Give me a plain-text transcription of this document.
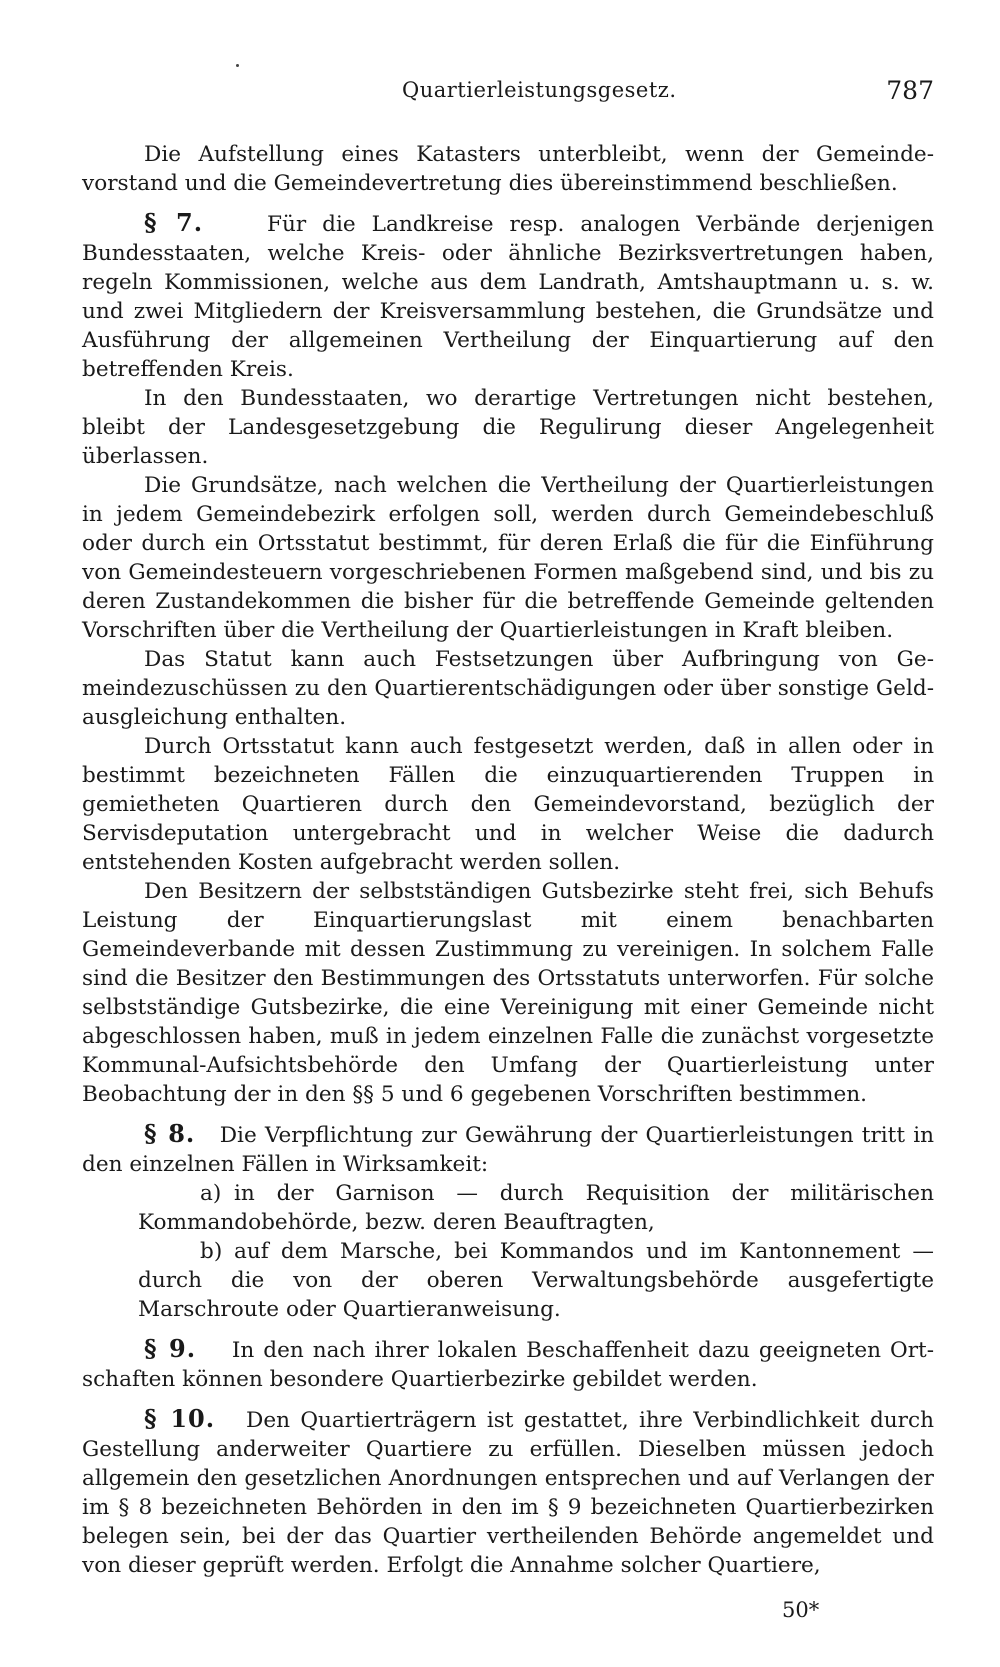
Quartierleistungsgesetz.	787

Die Aufstellung eines Katasters unterbleibt, wenn der Gemeindevorstand und die Gemeindevertretung dies übereinstimmend beschließen.

§ 7.	Für die Landkreise resp. analogen Verbände derjenigen Bundesstaaten, welche Kreis- oder ähnliche Bezirksvertretungen haben, regeln Kommissionen, welche aus dem Landrath, Amtshauptmann u. s. w. und zwei Mitgliedern der Kreisversammlung bestehen, die Grundsätze und Ausführung der allgemeinen Vertheilung der Einquartierung auf den betreffenden Kreis.

In den Bundesstaaten, wo derartige Vertretungen nicht bestehen, bleibt der Landesgesetzgebung die Regulirung dieser Angelegenheit überlassen.

Die Grundsätze, nach welchen die Vertheilung der Quartierleistungen in jedem Gemeindebezirk erfolgen soll, werden durch Gemeindebeschluß oder durch ein Ortsstatut bestimmt, für deren Erlaß die für die Einführung von Gemeindesteuern vorgeschriebenen Formen maßgebend sind, und bis zu deren Zustandekommen die bisher für die betreffende Gemeinde geltenden Vorschriften über die Vertheilung der Quartierleistungen in Kraft bleiben.

Das Statut kann auch Festsetzungen über Aufbringung von Gemeindezuschüssen zu den Quartierentschädigungen oder über sonstige Geldausgleichung enthalten.

Durch Ortsstatut kann auch festgesetzt werden, daß in allen oder in bestimmt bezeichneten Fällen die einzuquartierenden Truppen in gemietheten Quartieren durch den Gemeindevorstand, bezüglich der Servisdeputation untergebracht und in welcher Weise die dadurch entstehenden Kosten aufgebracht werden sollen.

Den Besitzern der selbstständigen Gutsbezirke steht frei, sich Behufs Leistung der Einquartierungslast mit einem benachbarten Gemeindeverbande mit dessen Zustimmung zu vereinigen. In solchem Falle sind die Besitzer den Bestimmungen des Ortsstatuts unterworfen. Für solche selbstständige Gutsbezirke, die eine Vereinigung mit einer Gemeinde nicht abgeschlossen haben, muß in jedem einzelnen Falle die zunächst vorgesetzte Kommunal-Aufsichtsbehörde den Umfang der Quartierleistung unter Beobachtung der in den §§ 5 und 6 gegebenen Vorschriften bestimmen.

§ 8. Die Verpflichtung zur Gewährung der Quartierleistungen tritt in den einzelnen Fällen in Wirksamkeit:

a) in der Garnison — durch Requisition der militärischen Kommandobehörde, bezw. deren Beauftragten,

b) auf dem Marsche, bei Kommandos und im Kantonnement — durch die von der oberen Verwaltungsbehörde ausgefertigte Marschroute oder Quartieranweisung.

§ 9. In den nach ihrer lokalen Beschaffenheit dazu geeigneten Ortschaften können besondere Quartierbezirke gebildet werden.

§ 10. Den Quartierträgern ist gestattet, ihre Verbindlichkeit durch Gestellung anderweiter Quartiere zu erfüllen. Dieselben müssen jedoch allgemein den gesetzlichen Anordnungen entsprechen und auf Verlangen der im § 8 bezeichneten Behörden in den im § 9 bezeichneten Quartierbezirken belegen sein, bei der das Quartier vertheilenden Behörde angemeldet und von dieser geprüft werden. Erfolgt die Annahme solcher Quartiere,

50*
